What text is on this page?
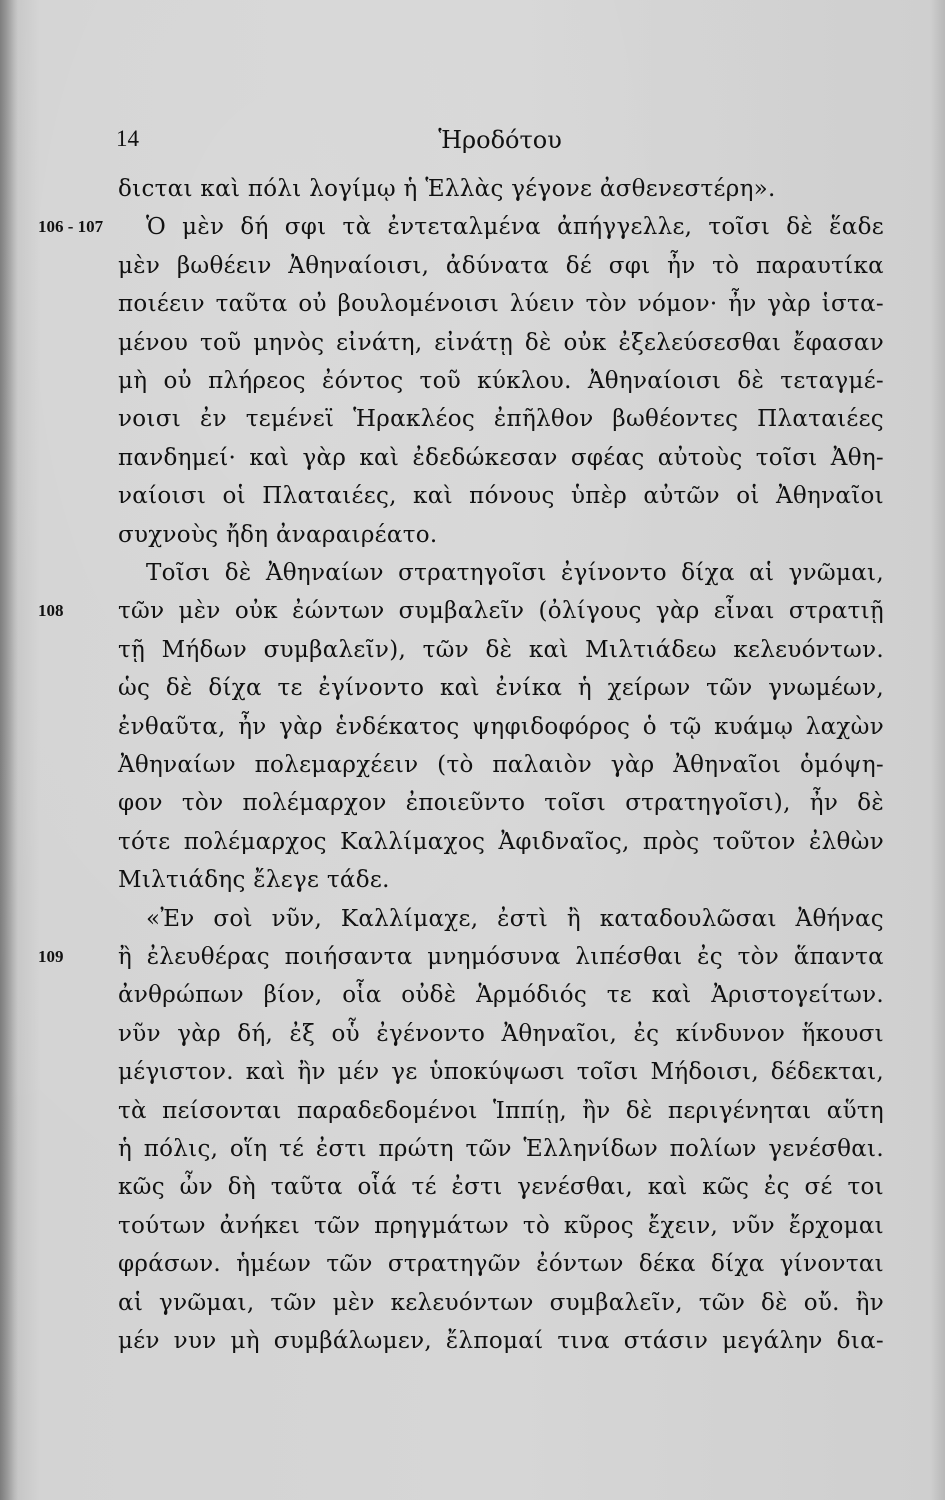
14	Ἡροδότου
διϲται καὶ πόλι λογίμῳ ἡ Ἑλλὰς γέγονε ἀσθενεστέρη».
Ὁ μὲν δή σφι τὰ ἐντεταλμένα ἀπήγγελλε, τοῖσι δὲ ἕαδε
μὲν βωθέειν Ἀθηναίοισι, ἀδύνατα δέ σφι ἦν τὸ παραυτίκα
ποιέειν ταῦτα οὐ βουλομένοισι λύειν τὸν νόμον· ἦν γὰρ ἱστα-
μένου τοῦ μηνὸς εἰνάτη, εἰνάτῃ δὲ οὐκ ἐξελεύσεσθαι ἔφασαν
μὴ οὐ πλήρεος ἐόντος τοῦ κύκλου. Ἀθηναίοισι δὲ τεταγμέ-
νοισι ἐν τεμένεϊ Ἡρακλέος ἐπῆλθον βωθέοντες Πλαταιέες
πανδημεί· καὶ γὰρ καὶ ἐδεδώκεσαν σφέας αὐτοὺς τοῖσι Ἀθη-
ναίοισι οἱ Πλαταιέες, καὶ πόνους ὑπὲρ αὐτῶν οἱ Ἀθηναῖοι
συχνοὺς ἤδη ἀναραιρέατο.
Τοῖσι δὲ Ἀθηναίων στρατηγοῖσι ἐγίνοντο δίχα αἱ γνῶμαι,
τῶν μὲν οὐκ ἐώντων συμβαλεῖν (ὀλίγους γὰρ εἶναι στρατιῇ
τῇ Μήδων συμβαλεῖν), τῶν δὲ καὶ Μιλτιάδεω κελευόντων.
ὡς δὲ δίχα τε ἐγίνοντο καὶ ἐνίκα ἡ χείρων τῶν γνωμέων,
ἐνθαῦτα, ἦν γὰρ ἑνδέκατος ψηφιδοφόρος ὁ τῷ κυάμῳ λαχὼν
Ἀθηναίων πολεμαρχέειν (τὸ παλαιὸν γὰρ Ἀθηναῖοι ὁμόψη-
φον τὸν πολέμαρχον ἐποιεῦντο τοῖσι στρατηγοῖσι), ἦν δὲ
τότε πολέμαρχος Καλλίμαχος Ἀφιδναῖος, πρὸς τοῦτον ἐλθὼν
Μιλτιάδης ἔλεγε τάδε.
«Ἐν σοὶ νῦν, Καλλίμαχε, ἐστὶ ἢ καταδουλῶσαι Ἀθήνας
ἢ ἐλευθέρας ποιήσαντα μνημόσυνα λιπέσθαι ἐς τὸν ἅπαντα
ἀνθρώπων βίον, οἷα οὐδὲ Ἁρμόδιός τε καὶ Ἀριστογείτων.
νῦν γὰρ δή, ἐξ οὗ ἐγένοντο Ἀθηναῖοι, ἐς κίνδυνον ἥκουσι
μέγιστον. καὶ ἢν μέν γε ὑποκύψωσι τοῖσι Μήδοισι, δέδεκται,
τὰ πείσονται παραδεδομένοι Ἱππίῃ, ἢν δὲ περιγένηται αὕτη
ἡ πόλις, οἵη τέ ἐστι πρώτη τῶν Ἑλληνίδων πολίων γενέσθαι.
κῶς ὦν δὴ ταῦτα οἷά τέ ἐστι γενέσθαι, καὶ κῶς ἐς σέ τοι
τούτων ἀνήκει τῶν πρηγμάτων τὸ κῦρος ἔχειν, νῦν ἔρχομαι
φράσων. ἡμέων τῶν στρατηγῶν ἐόντων δέκα δίχα γίνονται
αἱ γνῶμαι, τῶν μὲν κελευόντων συμβαλεῖν, τῶν δὲ οὔ. ἢν
μέν νυν μὴ συμβάλωμεν, ἔλπομαί τινα στάσιν μεγάλην δια-
106 - 107
108
109
